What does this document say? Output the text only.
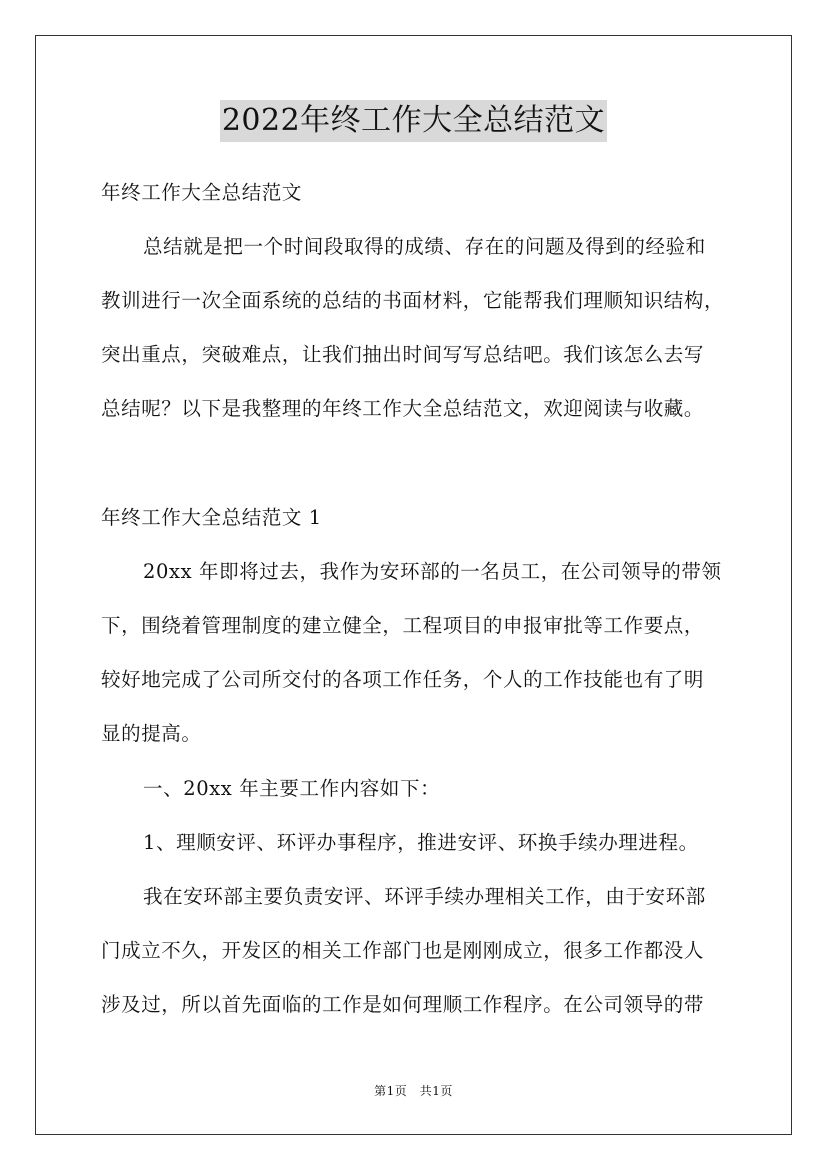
2022年终工作大全总结范文
年终工作大全总结范文
总结就是把一个时间段取得的成绩、存在的问题及得到的经验和
教训进行一次全面系统的总结的书面材料，它能帮我们理顺知识结构，
突出重点，突破难点，让我们抽出时间写写总结吧。我们该怎么去写
总结呢？以下是我整理的年终工作大全总结范文，欢迎阅读与收藏。
年终工作大全总结范文 1
20xx 年即将过去，我作为安环部的一名员工，在公司领导的带领
下，围绕着管理制度的建立健全，工程项目的申报审批等工作要点，
较好地完成了公司所交付的各项工作任务，个人的工作技能也有了明
显的提高。
一、20xx 年主要工作内容如下：
1、理顺安评、环评办事程序，推进安评、环换手续办理进程。
我在安环部主要负责安评、环评手续办理相关工作，由于安环部
门成立不久，开发区的相关工作部门也是刚刚成立，很多工作都没人
涉及过，所以首先面临的工作是如何理顺工作程序。在公司领导的带
第1页　共1页
